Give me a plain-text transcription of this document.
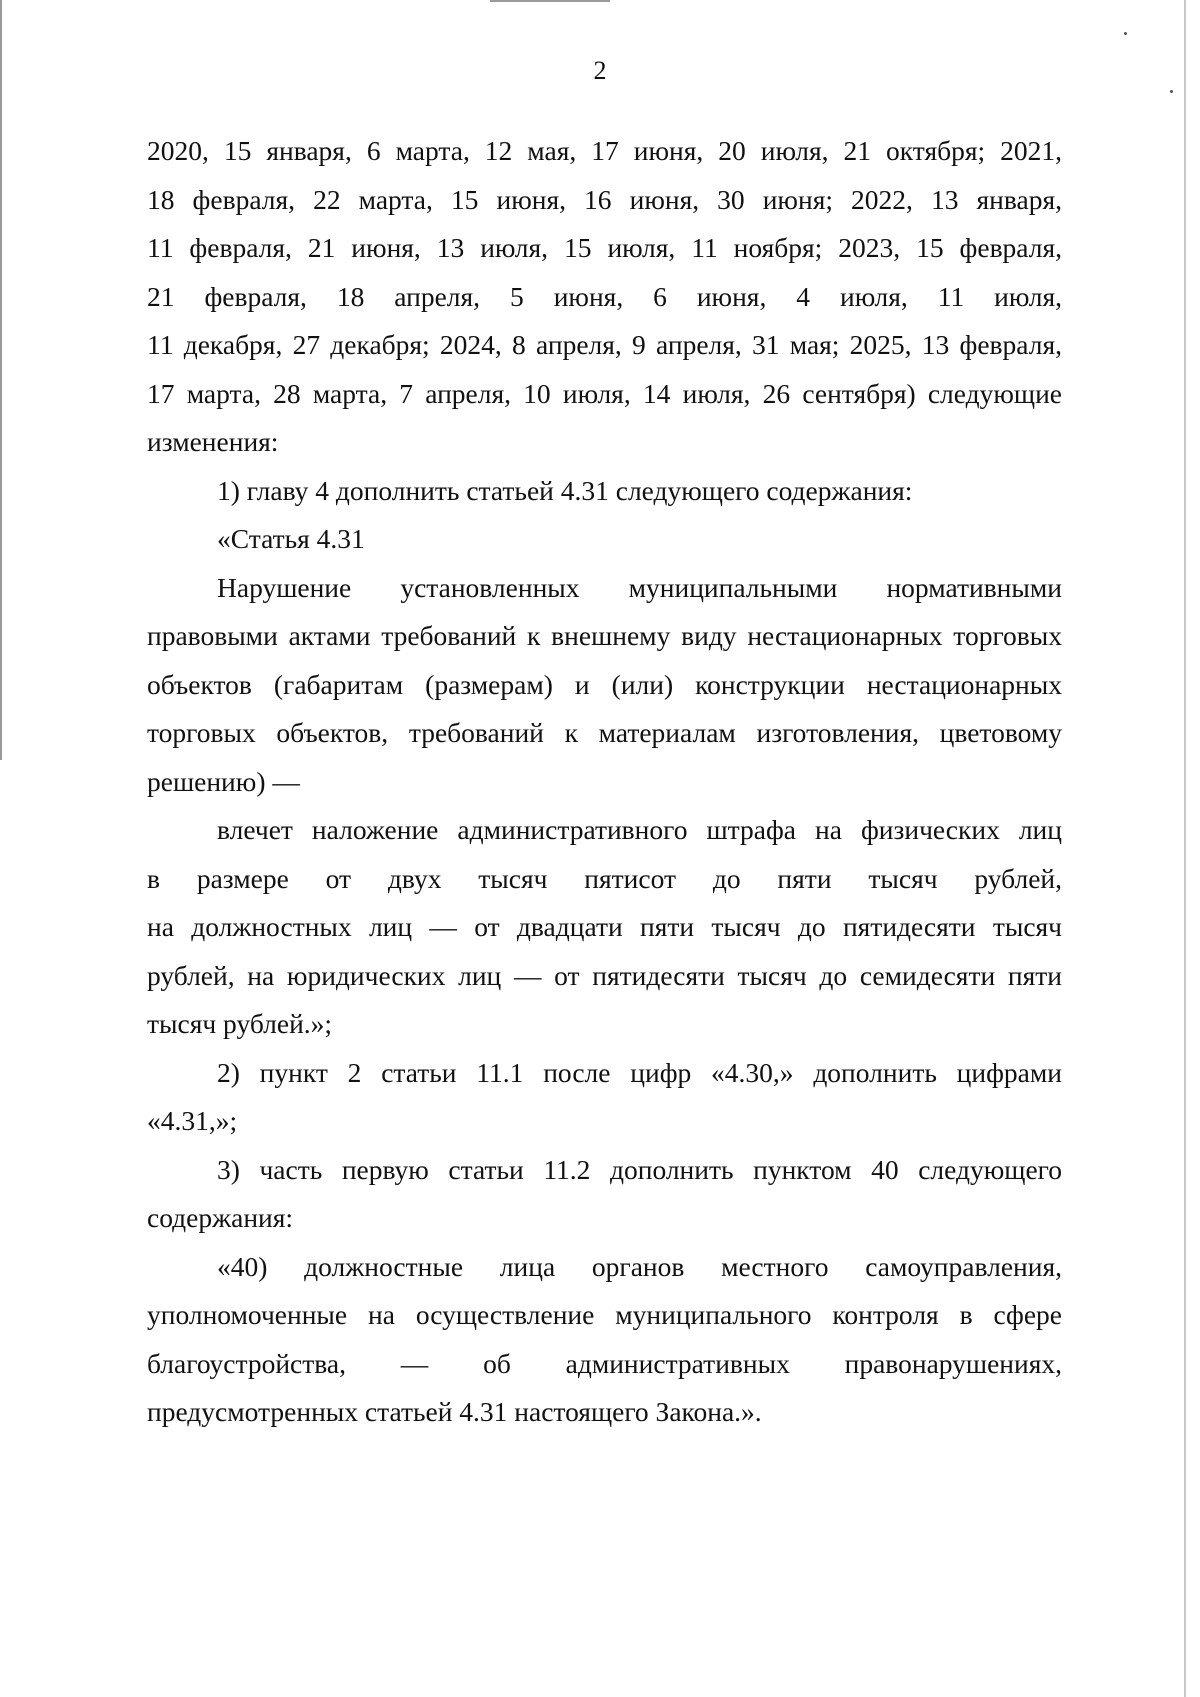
2
2020, 15 января, 6 марта, 12 мая, 17 июня, 20 июля, 21 октября; 2021,
18 февраля, 22 марта, 15 июня, 16 июня, 30 июня; 2022, 13 января,
11 февраля, 21 июня, 13 июля, 15 июля, 11 ноября; 2023, 15 февраля,
21 февраля, 18 апреля, 5 июня, 6 июня, 4 июля, 11 июля,
11 декабря, 27 декабря; 2024, 8 апреля, 9 апреля, 31 мая; 2025, 13 февраля,
17 марта, 28 марта, 7 апреля, 10 июля, 14 июля, 26 сентября) следующие
изменения:
1) главу 4 дополнить статьей 4.31 следующего содержания:
«Статья 4.31
Нарушение установленных муниципальными нормативными
правовыми актами требований к внешнему виду нестационарных торговых
объектов (габаритам (размерам) и (или) конструкции нестационарных
торговых объектов, требований к материалам изготовления, цветовому
решению) —
влечет наложение административного штрафа на физических лиц
в размере от двух тысяч пятисот до пяти тысяч рублей,
на должностных лиц — от двадцати пяти тысяч до пятидесяти тысяч
рублей, на юридических лиц — от пятидесяти тысяч до семидесяти пяти
тысяч рублей.»;
2) пункт 2 статьи 11.1 после цифр «4.30,» дополнить цифрами
«4.31,»;
3) часть первую статьи 11.2 дополнить пунктом 40 следующего
содержания:
«40) должностные лица органов местного самоуправления,
уполномоченные на осуществление муниципального контроля в сфере
благоустройства, — об административных правонарушениях,
предусмотренных статьей 4.31 настоящего Закона.».
